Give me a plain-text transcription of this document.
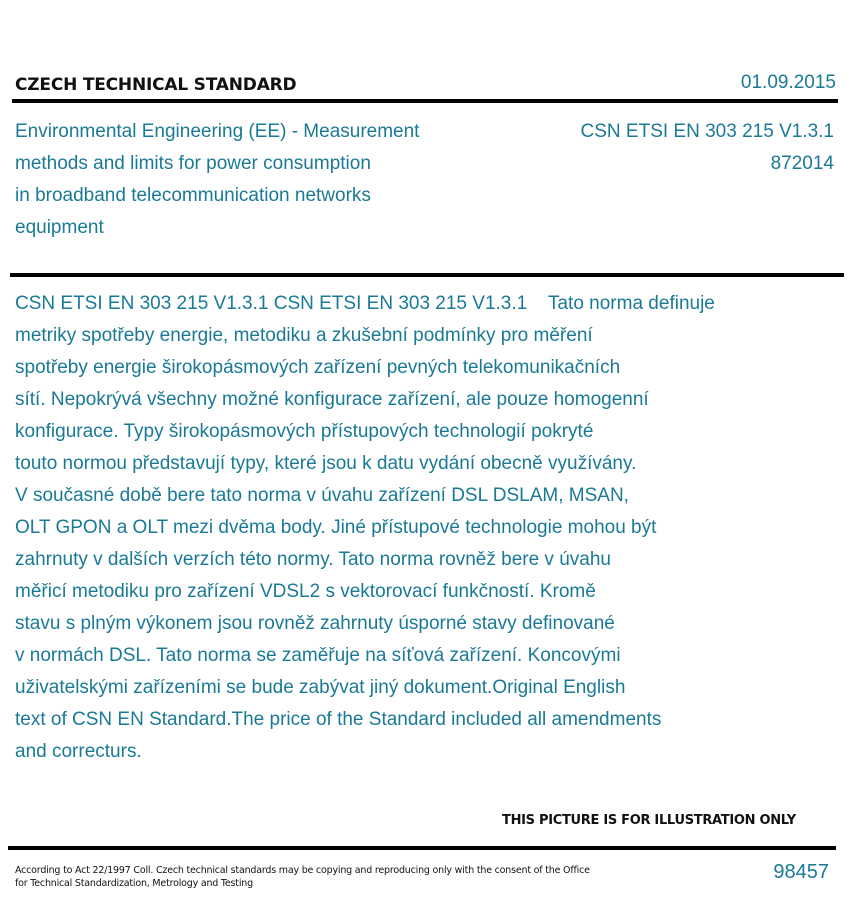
CZECH TECHNICAL STANDARD	01.09.2015
Environmental Engineering (EE) - Measurement
methods and limits for power consumption
in broadband telecommunication networks
equipment
CSN ETSI EN 303 215 V1.3.1
872014
CSN ETSI EN 303 215 V1.3.1 CSN ETSI EN 303 215 V1.3.1    Tato norma definuje
metriky spotřeby energie, metodiku a zkušební podmínky pro měření
spotřeby energie širokopásmových zařízení pevných telekomunikačních
sítí. Nepokrývá všechny možné konfigurace zařízení, ale pouze homogenní
konfigurace. Typy širokopásmových přístupových technologií pokryté
touto normou představují typy, které jsou k datu vydání obecně využívány.
V současné době bere tato norma v úvahu zařízení DSL DSLAM, MSAN,
OLT GPON a OLT mezi dvěma body. Jiné přístupové technologie mohou být
zahrnuty v dalších verzích této normy. Tato norma rovněž bere v úvahu
měřicí metodiku pro zařízení VDSL2 s vektorovací funkčností. Kromě
stavu s plným výkonem jsou rovněž zahrnuty úsporné stavy definované
v normách DSL. Tato norma se zaměřuje na síťová zařízení. Koncovými
uživatelskými zařízeními se bude zabývat jiný dokument.Original English
text of CSN EN Standard.The price of the Standard included all amendments
and correcturs.
THIS PICTURE IS FOR ILLUSTRATION ONLY
According to Act 22/1997 Coll. Czech technical standards may be copying and reproducing only with the consent of the Office
for Technical Standardization, Metrology and Testing
98457
